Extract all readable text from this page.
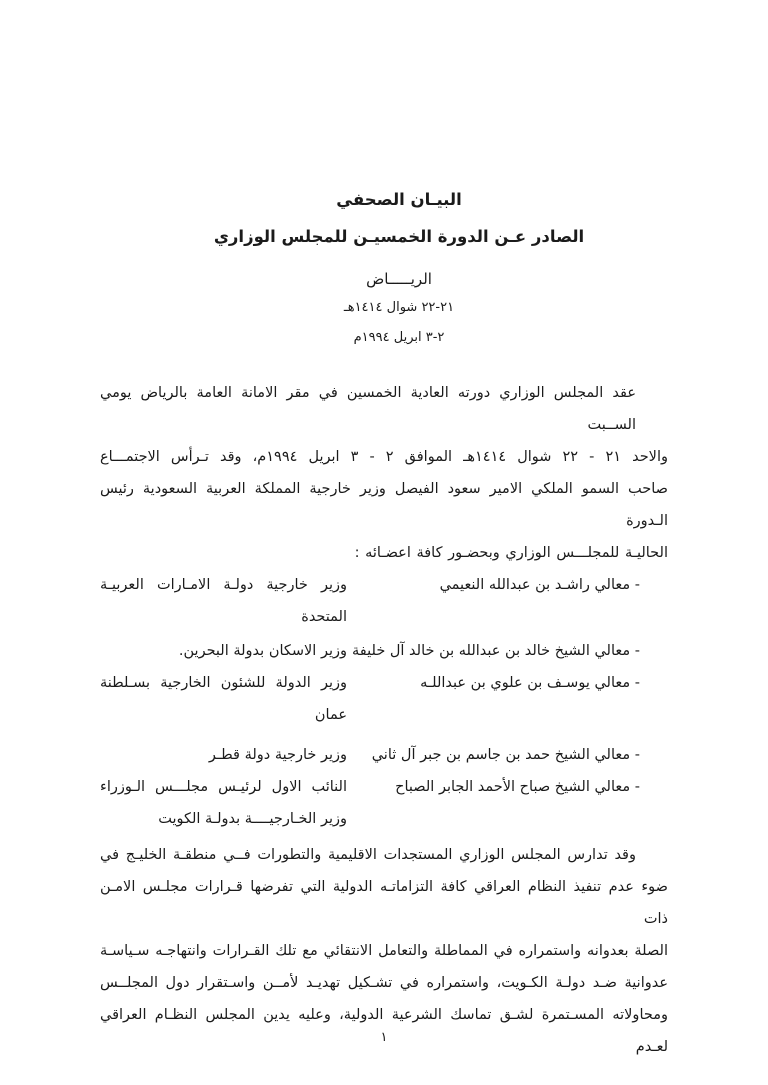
البيـان الصحفي
الصادر عـن الدورة الخمسيـن للمجلس الوزاري
الريـــــاض
٢١-٢٢ شوال ١٤١٤هـ
٢-٣ ابريل ١٩٩٤م
عقد المجلس الوزاري دورته العادية الخمسين في مقر الامانة العامة بالرياض يومي الســبت
والاحد ٢١ - ٢٢ شوال ١٤١٤هـ الموافق ٢ - ٣ ابريل ١٩٩٤م، وقد تـرأس الاجتمـــاع
صاحب السمو الملكي الامير سعود الفيصل وزير خارجية المملكة العربية السعودية رئيس الـدورة
الحاليـة للمجلـــس الوزاري وبحضـور كافة اعضـائه :
- معالي راشـد بن عبدالله النعيمي
وزير خارجية دولـة الامـارات العربيـة المتحدة
- معالي الشيخ خالد بن عبدالله بن خالد آل خليفة
وزير الاسكان بدولة البحرين.
- معالي يوسـف بن علوي بن عبداللـه
وزير الدولة للشئون الخارجية بسـلطنة عمان
- معالي الشيخ حمد بن جاسم بن جبر آل ثاني
وزير خارجية دولة قطـر
- معالي الشيخ صباح الأحمد الجابر الصباح
النائب الاول لرئيـس مجلـــس الـوزراء وزير الخـارجيــــة بدولـة الكويت
وقد تدارس المجلس الوزاري المستجدات الاقليمية والتطورات فــي منطقـة الخليـج في
ضوء عدم تنفيذ النظام العراقي كافة التزاماتـه الدولية التي تفرضها قـرارات مجلـس الامـن ذات
الصلة بعدوانه واستمراره في المماطلة والتعامل الانتقائي مع تلك القـرارات وانتهاجـه سـياسـة
عدوانية ضـد دولـة الكـويت، واستمراره في تشـكيل تهديـد لأمــن واسـتقرار دول المجلــس
ومحاولاته المسـتمرة لشـق تماسك الشرعية الدولية، وعليه يدين المجلس النظـام العراقي لعـدم
١
